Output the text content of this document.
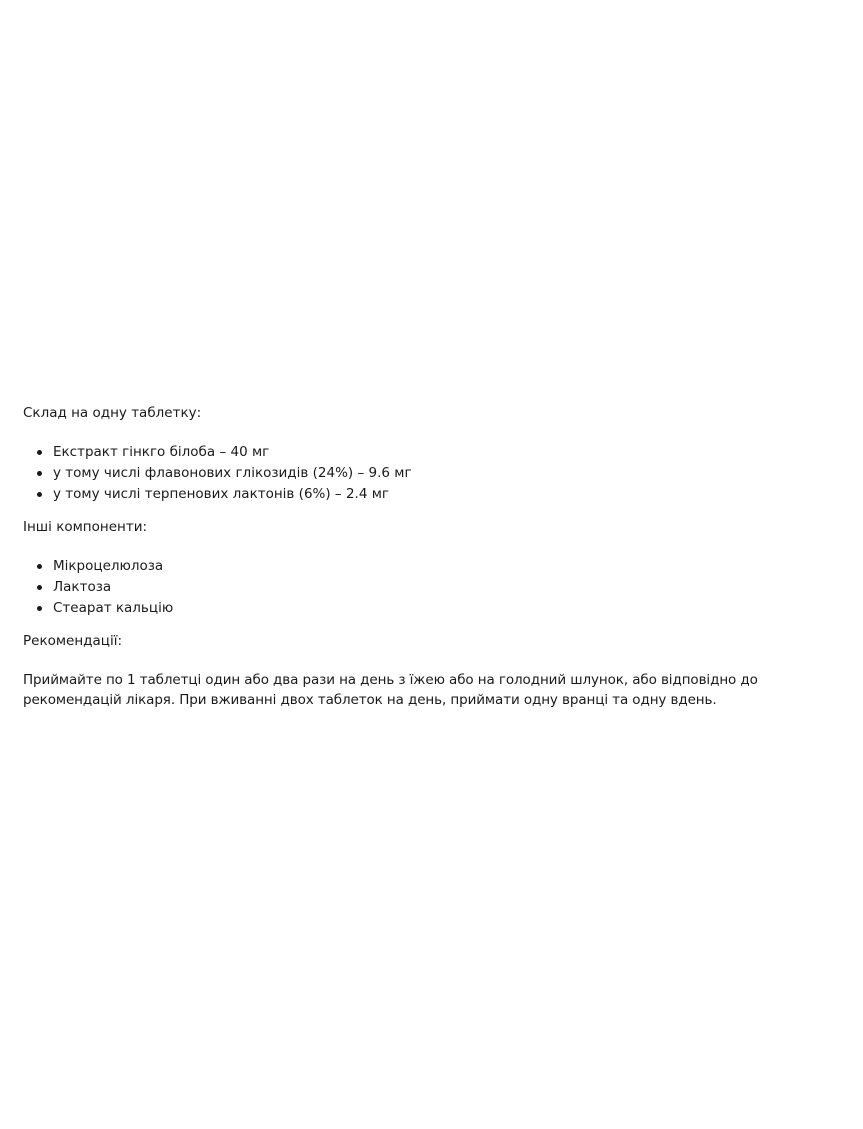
Склад на одну таблетку:

Екстракт гінкго білоба – 40 мг
у тому числі флавонових глікозидів (24%) – 9.6 мг
у тому числі терпенових лактонів (6%) – 2.4 мг

Інші компоненти:

Мікроцелюлоза
Лактоза
Стеарат кальцію

Рекомендації:

Приймайте по 1 таблетці один або два рази на день з їжею або на голодний шлунок, або відповідно до рекомендацій лікаря. При вживанні двох таблеток на день, приймати одну вранці та одну вдень.
